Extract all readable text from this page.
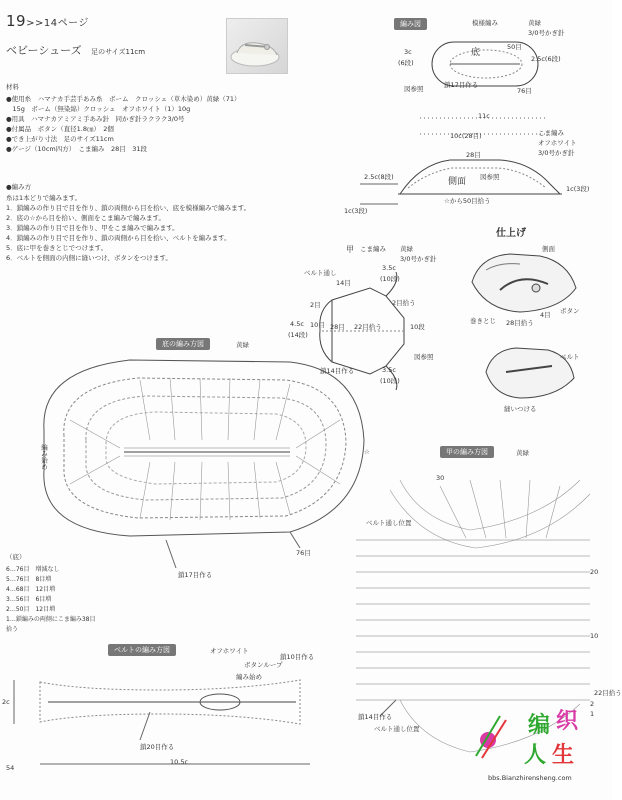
19>>14ページ
ベビーシューズ 足のサイズ11cm
材料
●使用糸　ハマナカ手芸手あみ糸　ボーム　クロッシェ（草木染め）黄緑（71）
　15g　ボーム（無染綿）クロッシェ　オフホワイト（1）10g
●用具　ハマナカアミアミ手あみ針　同かぎ針ラクラク3/0号
●付属品　ボタン（直径1.8㎝）　2個
●でき上がり寸法　足のサイズ11cm
●ゲージ（10cm四方）　こま編み　28目　31段
●編み方
糸は1本どりで編みます。
1．鎖編みの作り目で目を作り、鎖の両側から目を拾い、底を模様編みで編みます。
2．底の☆から目を拾い、側面をこま編みで編みます。
3．鎖編みの作り目で目を作り、甲をこま編みで編みます。
4．鎖編みの作り目で目を作り、鎖の両側から目を拾い、ベルトを編みます。
5．底に甲を巻きとじでつけます。
6．ベルトを側面の内側に縫いつけ、ボタンをつけます。
編み図
底
側面
模様編み	黄緑
3/0号かぎ針
3c
(6段)
50目
2.5c(6段)
鎖17目作る
図参照	76目
11c
10c(28目)	こま編み
オフホワイト
3/0号かぎ針
28目
2.5c(8段)	図参照
1c(3段)
1c(3段)
☆から50目拾う
甲 こま編み 黄緑
3/0号かぎ針
ベルト通し
14目
3.5c
(10段)
2目
4.5c
(14段)
10目 28目 22目拾う	10段
2目拾う
鎖14目作る	3.5c
(10段)
図参照
仕上げ
側面
ボタン
巻きとじ 28目拾う
4目
ベルト
縫いつける
底の編み方図	黄緑
編み始め	☆
76目
鎖17目作る
（底）
6…76目　増減なし
5…76目　8目増
4…68目　12目増
3…56目　6目増
2…50目　12目増
1…鎖編みの両側にこま編み38目
拾う
甲の編み方図	黄緑
30
20
10
2
1
ベルト通し位置
ベルト通し位置
22目拾う
鎖14目作る
ベルトの編み方図	オフホワイト
ボタンループ
編み始め
鎖10目作る
鎖20目作る
2c
10.5c
54
编 织
人 生
bbs.Bianzhirensheng.com
